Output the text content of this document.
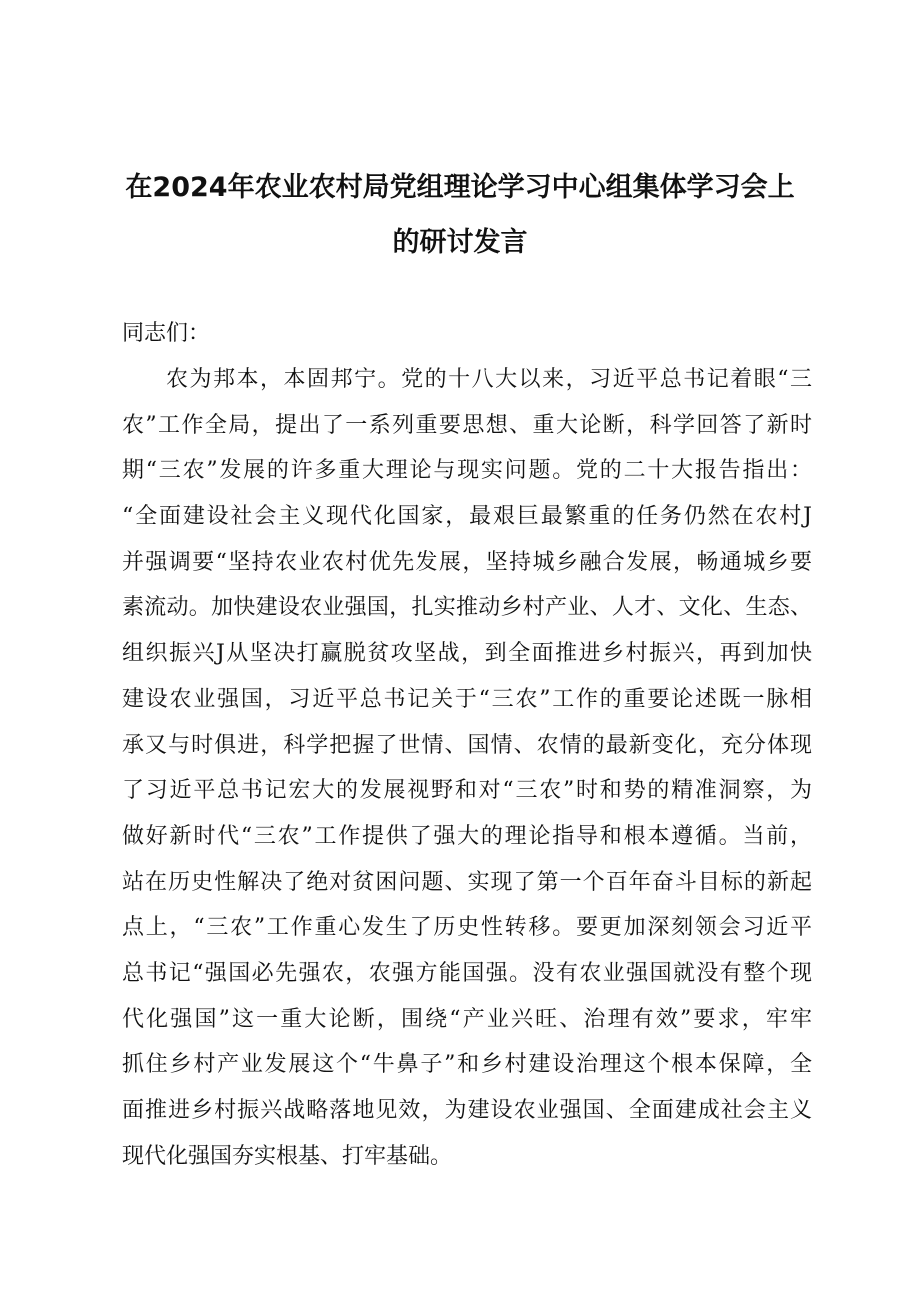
在2024年农业农村局党组理论学习中心组集体学习会上
的研讨发言

同志们：

农为邦本，本固邦宁。党的十八大以来，习近平总书记着眼“三
农”工作全局，提出了一系列重要思想、重大论断，科学回答了新时
期“三农”发展的许多重大理论与现实问题。党的二十大报告指出：
“全面建设社会主义现代化国家，最艰巨最繁重的任务仍然在农村J
并强调要“坚持农业农村优先发展，坚持城乡融合发展，畅通城乡要
素流动。加快建设农业强国，扎实推动乡村产业、人才、文化、生态、
组织振兴J从坚决打赢脱贫攻坚战，到全面推进乡村振兴，再到加快
建设农业强国，习近平总书记关于“三农”工作的重要论述既一脉相
承又与时俱进，科学把握了世情、国情、农情的最新变化，充分体现
了习近平总书记宏大的发展视野和对“三农”时和势的精准洞察，为
做好新时代“三农”工作提供了强大的理论指导和根本遵循。当前，
站在历史性解决了绝对贫困问题、实现了第一个百年奋斗目标的新起
点上，“三农”工作重心发生了历史性转移。要更加深刻领会习近平
总书记“强国必先强农，农强方能国强。没有农业强国就没有整个现
代化强国”这一重大论断，围绕“产业兴旺、治理有效”要求，牢牢
抓住乡村产业发展这个“牛鼻子”和乡村建设治理这个根本保障，全
面推进乡村振兴战略落地见效，为建设农业强国、全面建成社会主义
现代化强国夯实根基、打牢基础。
